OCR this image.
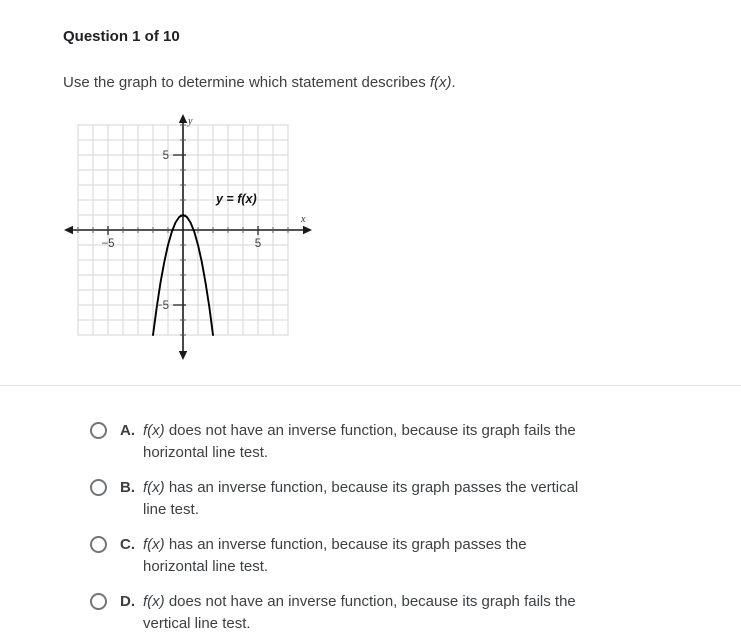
Question 1 of 10
Use the graph to determine which statement describes f(x).
y
x
5
−5
−5	5
y = f(x)
A. f(x) does not have an inverse function, because its graph fails the
horizontal line test.
B. f(x) has an inverse function, because its graph passes the vertical
line test.
C. f(x) has an inverse function, because its graph passes the
horizontal line test.
D. f(x) does not have an inverse function, because its graph fails the
vertical line test.
